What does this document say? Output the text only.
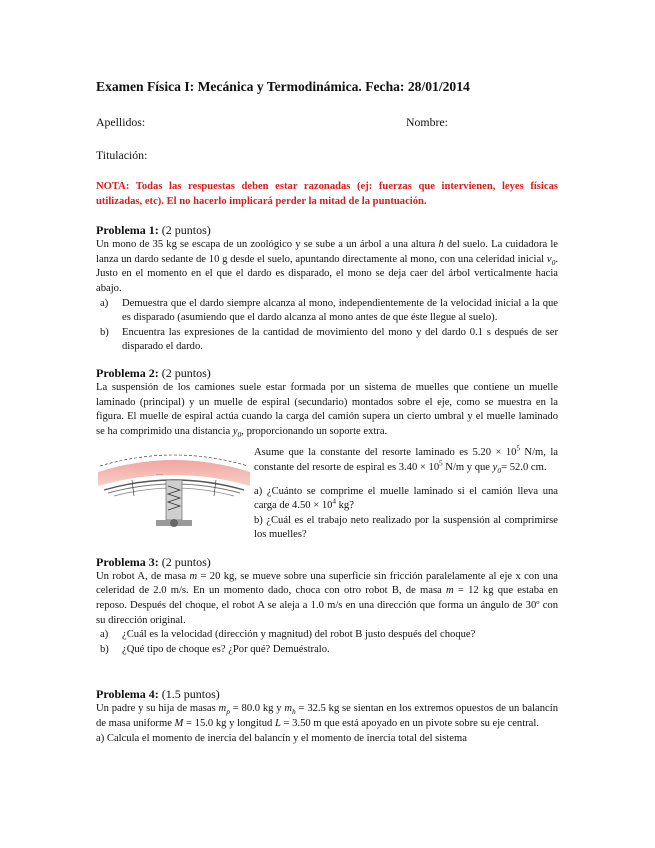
Examen Física I: Mecánica y Termodinámica. Fecha: 28/01/2014
Apellidos:	Nombre:
Titulación:

NOTA: Todas las respuestas deben estar razonadas (ej: fuerzas que intervienen, leyes físicas utilizadas, etc). El no hacerlo implicará perder la mitad de la puntuación.

Problema 1: (2 puntos)

Un mono de 35 kg se escapa de un zoológico y se sube a un árbol a una altura h del suelo. La cuidadora le lanza un dardo sedante de 10 g desde el suelo, apuntando directamente al mono, con una celeridad inicial $v_0$. Justo en el momento en el que el dardo es disparado, el mono se deja caer del árbol verticalmente hacia abajo.

a)	Demuestra que el dardo siempre alcanza al mono, independientemente de la velocidad inicial a la que es disparado (asumiendo que el dardo alcanza al mono antes de que éste llegue al suelo).
b)	Encuentra las expresiones de la cantidad de movimiento del mono y del dardo 0.1 s después de ser disparado el dardo.
Problema 2: (2 puntos)

La suspensión de los camiones suele estar formada por un sistema de muelles que contiene un muelle laminado (principal) y un muelle de espiral (secundario) montados sobre el eje, como se muestra en la figura. El muelle de espiral actúa cuando la carga del camión supera un cierto umbral y el muelle laminado se ha comprimido una distancia $y_0$, proporcionando un soporte extra.

~~~

Asume que la constante del resorte laminado es $5.20 \times 10^5$ N/m, la constante del resorte de espiral es $3.40 \times 10^5$ N/m y que $y_0= 52.0$ cm.

a) ¿Cuánto se comprime el muelle laminado si el camión lleva una carga de $4.50 \times 10^4$ kg?

b) ¿Cuál es el trabajo neto realizado por la suspensión al comprimirse los muelles?

Problema 3: (2 puntos)

Un robot A, de masa m = 20 kg, se mueve sobre una superficie sin fricción paralelamente al eje x con una celeridad de 2.0 m/s. En un momento dado, choca con otro robot B, de masa m = 12 kg que estaba en reposo. Después del choque, el robot A se aleja a 1.0 m/s en una dirección que forma un ángulo de 30º con su dirección original.

a)	¿Cuál es la velocidad (dirección y magnitud) del robot B justo después del choque?
b)	¿Qué tipo de choque es? ¿Por qué? Demuéstralo.
Problema 4: (1.5 puntos)

Un padre y su hija de masas $m_p = 80.0$ kg y $m_h = 32.5$ kg se sientan en los extremos opuestos de un balancín de masa uniforme M = 15.0 kg y longitud L = 3.50 m que está apoyado en un pivote sobre su eje central.

a) Calcula el momento de inercia del balancín y el momento de inercia total del sistema
